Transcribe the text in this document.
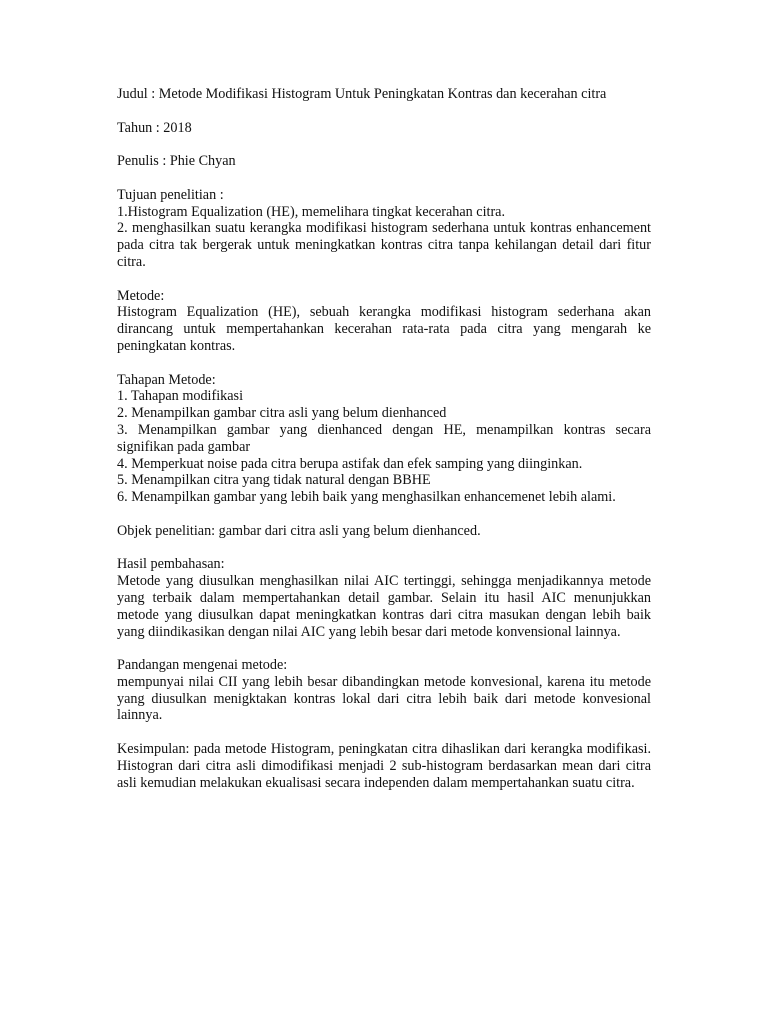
Judul : Metode Modifikasi Histogram Untuk Peningkatan Kontras dan kecerahan citra
Tahun : 2018
Penulis : Phie Chyan
Tujuan penelitian :
1.Histogram Equalization (HE), memelihara tingkat kecerahan citra.

2. menghasilkan suatu kerangka modifikasi histogram sederhana untuk kontras enhancement pada citra tak bergerak untuk meningkatkan kontras citra tanpa kehilangan detail dari fitur citra.

Metode:

Histogram Equalization (HE), sebuah kerangka modifikasi histogram sederhana akan dirancang untuk mempertahankan kecerahan rata-rata pada citra yang mengarah ke peningkatan kontras.

Tahapan Metode:
1. Tahapan modifikasi
2. Menampilkan gambar citra asli yang belum dienhanced

3. Menampilkan gambar yang dienhanced dengan HE, menampilkan kontras secara signifikan pada gambar

4. Memperkuat noise pada citra berupa astifak dan efek samping yang diinginkan.
5. Menampilkan citra yang tidak natural dengan BBHE

6. Menampilkan gambar yang lebih baik yang menghasilkan enhancemenet lebih alami.

Objek penelitian: gambar dari citra asli yang belum dienhanced.
Hasil pembahasan:

Metode yang diusulkan menghasilkan nilai AIC tertinggi, sehingga menjadikannya metode yang terbaik dalam mempertahankan detail gambar. Selain itu hasil AIC menunjukkan metode yang diusulkan dapat meningkatkan kontras dari citra masukan dengan lebih baik yang diindikasikan dengan nilai AIC yang lebih besar dari metode konvensional lainnya.

Pandangan mengenai metode:

mempunyai nilai CII yang lebih besar dibandingkan metode konvesional, karena itu metode yang diusulkan menigktakan kontras lokal dari citra lebih baik dari metode konvesional lainnya.

Kesimpulan: pada metode Histogram, peningkatan citra dihaslikan dari kerangka modifikasi. Histogran dari citra asli dimodifikasi menjadi 2 sub-histogram berdasarkan mean dari citra asli kemudian melakukan ekualisasi secara independen dalam mempertahankan suatu citra.
